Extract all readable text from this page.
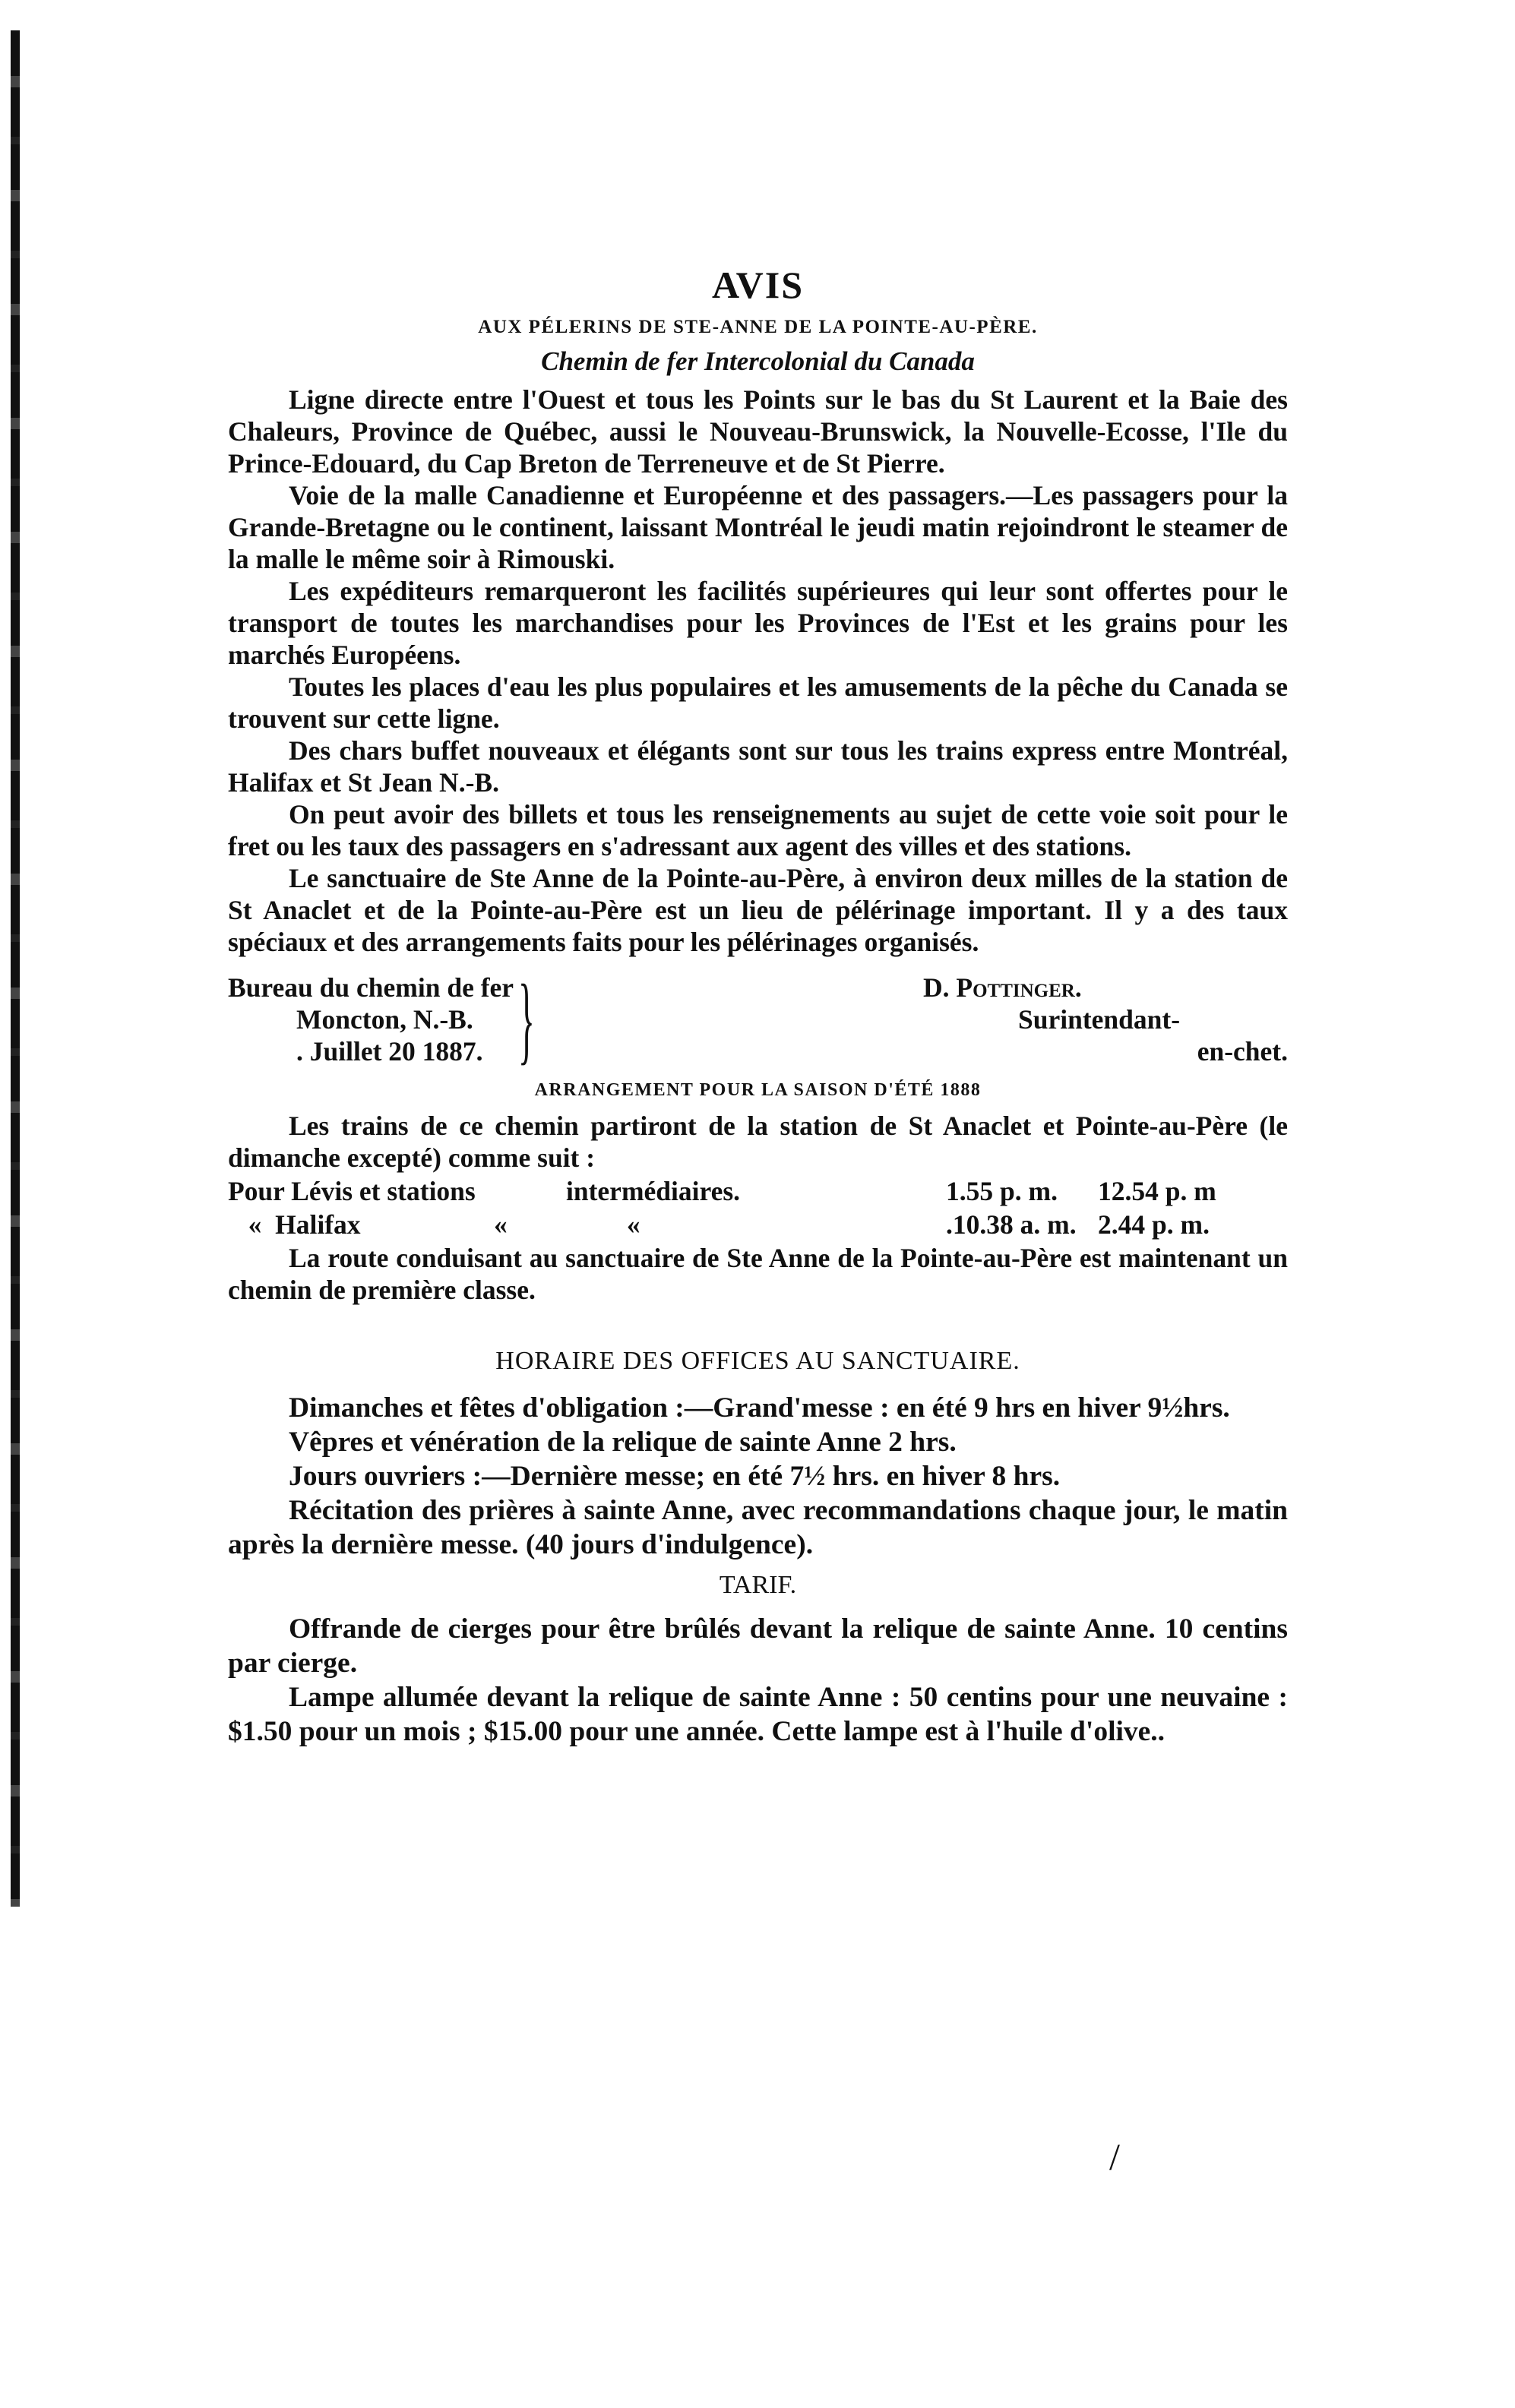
AVIS
AUX PÉLERINS DE STE-ANNE DE LA POINTE-AU-PÈRE.
Chemin de fer Intercolonial du Canada

Ligne directe entre l'Ouest et tous les Points sur le bas du St Laurent et la Baie des Chaleurs, Province de Québec, aussi le Nouveau-Brunswick, la Nouvelle-Ecosse, l'Ile du Prince-Edouard, du Cap Breton de Terreneuve et de St Pierre.

Voie de la malle Canadienne et Européenne et des passagers.—Les passagers pour la Grande-Bretagne ou le continent, laissant Montréal le jeudi matin rejoindront le steamer de la malle le même soir à Rimouski.

Les expéditeurs remarqueront les facilités supérieures qui leur sont offertes pour le transport de toutes les marchandises pour les Provinces de l'Est et les grains pour les marchés Européens.

Toutes les places d'eau les plus populaires et les amusements de la pêche du Canada se trouvent sur cette ligne.

Des chars buffet nouveaux et élégants sont sur tous les trains express entre Montréal, Halifax et St Jean N.-B.

On peut avoir des billets et tous les renseignements au sujet de cette voie soit pour le fret ou les taux des passagers en s'adressant aux agent des villes et des stations.

Le sanctuaire de Ste Anne de la Pointe-au-Père, à environ deux milles de la station de St Anaclet et de la Pointe-au-Père est un lieu de pélérinage important. Il y a des taux spéciaux et des arrangements faits pour les pélérinages organisés.

Bureau du chemin de fer
Moncton, N.-B.
. Juillet 20 1887. }	D. Pottinger.
Surintendant-
en-chet.
ARRANGEMENT POUR LA SAISON D'ÉTÉ 1888

Les trains de ce chemin partiront de la station de St Anaclet et Pointe-au-Père (le dimanche excepté) comme suit :

Pour Lévis et stations	intermédiaires.	1.55 p. m.	12.54 p. m
«  Halifax	«	«	.10.38 a. m. 2.44 p. m.

La route conduisant au sanctuaire de Ste Anne de la Pointe-au-Père est maintenant un chemin de première classe.

HORAIRE DES OFFICES AU SANCTUAIRE.

Dimanches et fêtes d'obligation :—Grand'messe : en été 9 hrs en hiver 9½hrs.

Vêpres et vénération de la relique de sainte Anne 2 hrs.

Jours ouvriers :—Dernière messe; en été 7½ hrs. en hiver 8 hrs.

Récitation des prières à sainte Anne, avec recommandations chaque jour, le matin après la dernière messe. (40 jours d'indulgence).

TARIF.

Offrande de cierges pour être brûlés devant la relique de sainte Anne. 10 centins par cierge.

Lampe allumée devant la relique de sainte Anne : 50 centins pour une neuvaine : $1.50 pour un mois ; $15.00 pour une année. Cette lampe est à l'huile d'olive..

/
